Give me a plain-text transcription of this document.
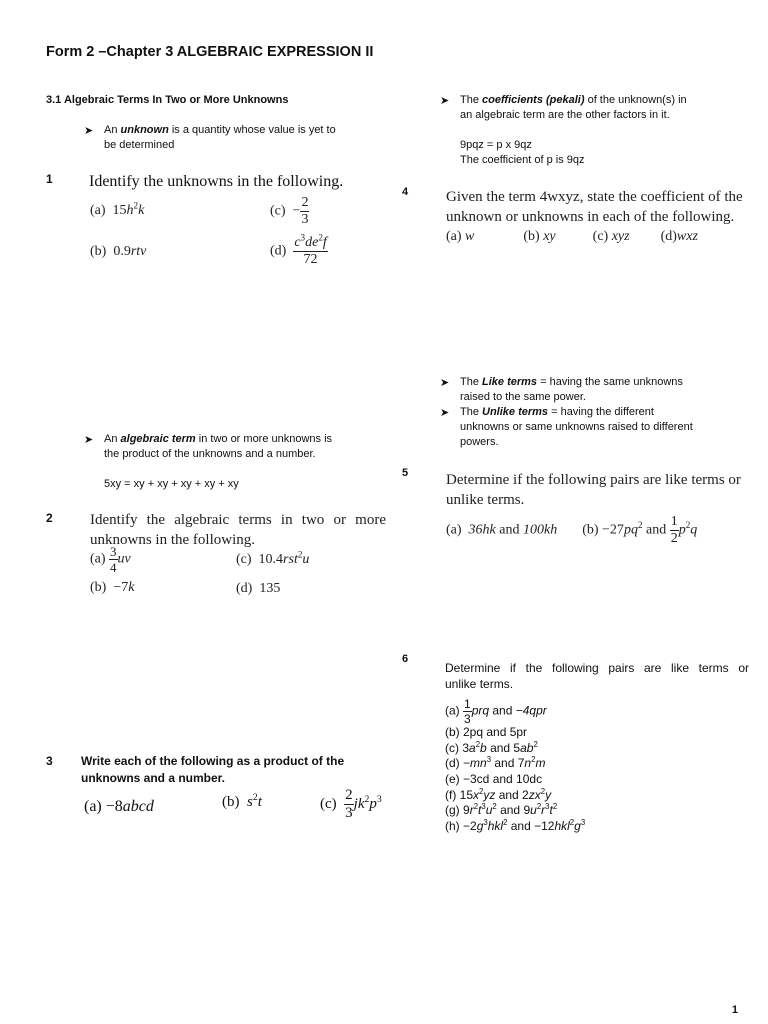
Form 2 –Chapter 3 ALGEBRAIC EXPRESSION II
3.1 Algebraic Terms In Two or More Unknowns
➤ An unknown is a quantity whose value is yet to
be determined
1 Identify the unknowns in the following.
(a) $15h^2k$	$(c) - \frac{2}{3}$
(b) 0.9rtv	$(d) \frac{c^3de^2f}{72}$
➤ An algebraic term in two or more unknowns is
the product of the unknowns and a number.
5xy = xy + xy + xy + xy + xy
2 Identify the algebraic terms in two or more
unknowns in the following.
$(a) \frac{3}{4}$ uv	(c) 10.4rst$^2$u
(b) −7k	(d) 135
3 Write each of the following as a product of the
unknowns and a number.
(a) −8abcd	(b) $s^2t$	$(c) \frac{2}{3} jk^2p^3$
➤ The coefficients (pekali) of the unknown(s) in
an algebraic term are the other factors in it.
9pqz = p x 9qz
The coefficient of p is 9qz
4	Given the term 4wxyz, state the coefficient of the
unknown or unknowns in each of the following.
(a) w	(b) xy	(c) xyz (d)wxz
➤ The Like terms = having the same unknowns
raised to the same power.
➤ The Unlike terms = having the different
unknowns or same unknowns raised to different
powers.
5	Determine if the following pairs are like terms or
unlike terms.
(a) 36hk and 100kh $(b) -27pq^2$ and $\frac{1}{2} p^2q$
6
Determine if the following pairs are like terms or
unlike terms.
$(a) \frac{1}{3}$ prq and −4qpr
(b) 2pq and 5pr
(c) $3a^2b$ and $5ab^2$
$(d) -mn^3$ and $7n^2m$
(e) −3cd and 10dc
(f) $15x^2yz$ and $2zx^2y$
(g) $9r^2t^3u^2$ and $9u^2r^3t^2$
$(h) -2g^3hkl^2$ and $-12hkl^2g^3$
1
